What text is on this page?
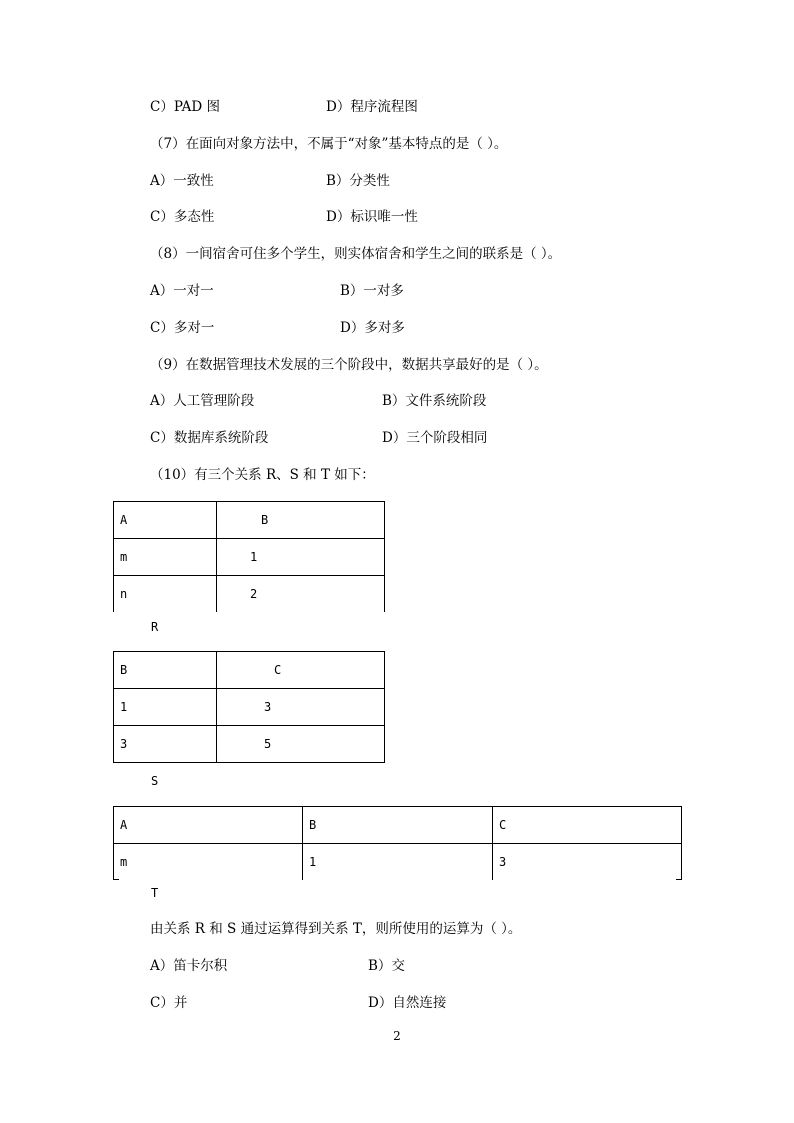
C）PAD 图	D）程序流程图
（7）在面向对象方法中，不属于“对象”基本特点的是（ ）。
A）一致性	B）分类性
C）多态性	D）标识唯一性
（8）一间宿舍可住多个学生，则实体宿舍和学生之间的联系是（ ）。
A）一对一	B）一对多
C）多对一	D）多对多
（9）在数据管理技术发展的三个阶段中，数据共享最好的是（ ）。
A）人工管理阶段	B）文件系统阶段
C）数据库系统阶段	D）三个阶段相同
（10）有三个关系 R、S 和 T 如下：
A	B
m	1
n	2
R
B	C
1	3
3	5
S
A	B	C
m	1	3
T
由关系 R 和 S 通过运算得到关系 T，则所使用的运算为（ ）。
A）笛卡尔积	B）交
C）并	D）自然连接
2
